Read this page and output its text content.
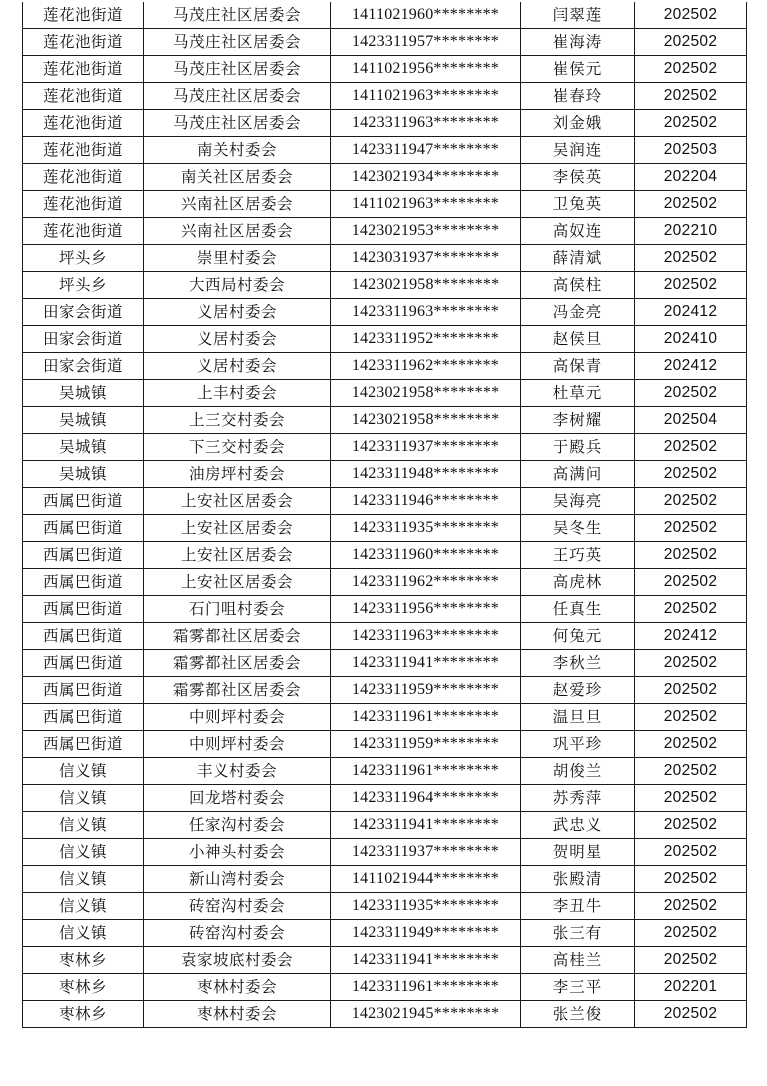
莲花池街道	马茂庄社区居委会	1411021960********	闫翠莲	202502
莲花池街道	马茂庄社区居委会	1423311957********	崔海涛	202502
莲花池街道	马茂庄社区居委会	1411021956********	崔侯元	202502
莲花池街道	马茂庄社区居委会	1411021963********	崔春玲	202502
莲花池街道	马茂庄社区居委会	1423311963********	刘金娥	202502
莲花池街道	南关村委会	1423311947********	吴润连	202503
莲花池街道	南关社区居委会	1423021934********	李侯英	202204
莲花池街道	兴南社区居委会	1411021963********	卫兔英	202502
莲花池街道	兴南社区居委会	1423021953********	高奴连	202210
坪头乡	崇里村委会	1423031937********	薛清斌	202502
坪头乡	大西局村委会	1423021958********	高侯柱	202502
田家会街道	义居村委会	1423311963********	冯金亮	202412
田家会街道	义居村委会	1423311952********	赵侯旦	202410
田家会街道	义居村委会	1423311962********	高保青	202412
吴城镇	上丰村委会	1423021958********	杜草元	202502
吴城镇	上三交村委会	1423021958********	李树耀	202504
吴城镇	下三交村委会	1423311937********	于殿兵	202502
吴城镇	油房坪村委会	1423311948********	高满问	202502
西属巴街道	上安社区居委会	1423311946********	吴海亮	202502
西属巴街道	上安社区居委会	1423311935********	吴冬生	202502
西属巴街道	上安社区居委会	1423311960********	王巧英	202502
西属巴街道	上安社区居委会	1423311962********	高虎林	202502
西属巴街道	石门咀村委会	1423311956********	任真生	202502
西属巴街道	霜雾都社区居委会	1423311963********	何兔元	202412
西属巴街道	霜雾都社区居委会	1423311941********	李秋兰	202502
西属巴街道	霜雾都社区居委会	1423311959********	赵爱珍	202502
西属巴街道	中则坪村委会	1423311961********	温旦旦	202502
西属巴街道	中则坪村委会	1423311959********	巩平珍	202502
信义镇	丰义村委会	1423311961********	胡俊兰	202502
信义镇	回龙塔村委会	1423311964********	苏秀萍	202502
信义镇	任家沟村委会	1423311941********	武忠义	202502
信义镇	小神头村委会	1423311937********	贺明星	202502
信义镇	新山湾村委会	1411021944********	张殿清	202502
信义镇	砖窑沟村委会	1423311935********	李丑牛	202502
信义镇	砖窑沟村委会	1423311949********	张三有	202502
枣林乡	袁家坡底村委会	1423311941********	高桂兰	202502
枣林乡	枣林村委会	1423311961********	李三平	202201
枣林乡	枣林村委会	1423021945********	张兰俊	202502
